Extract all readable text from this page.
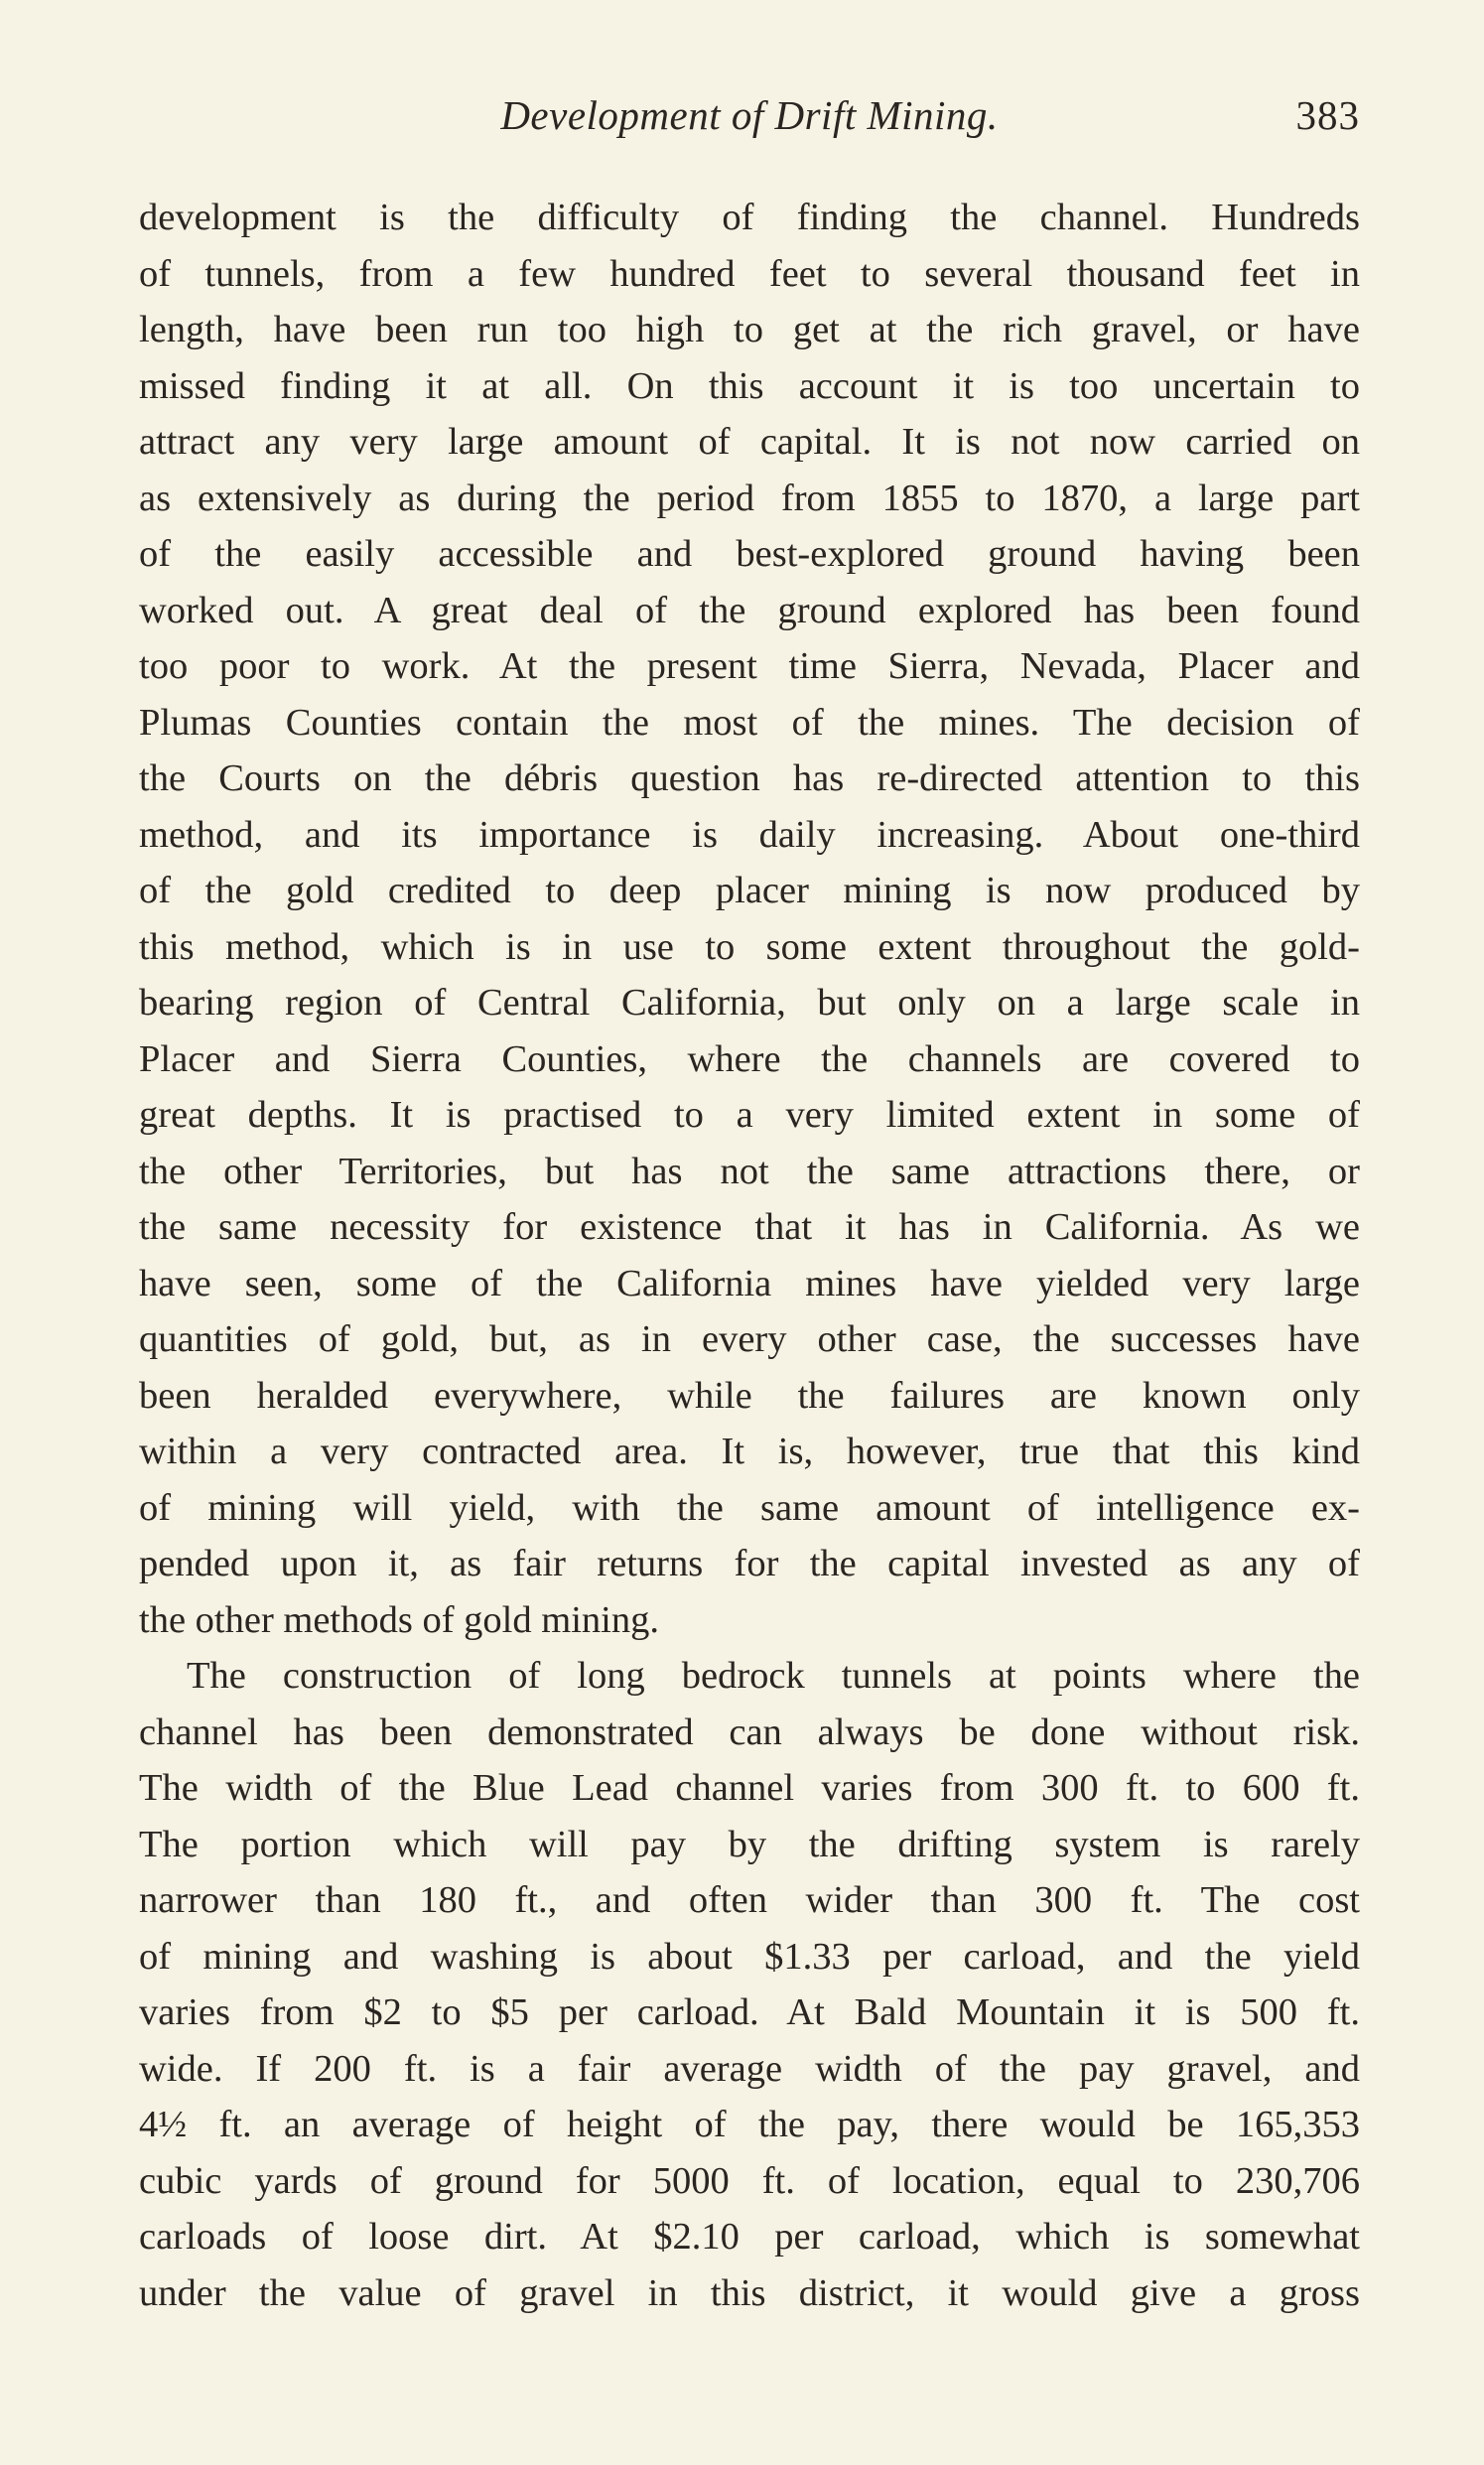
Development of Drift Mining.	383
development is the difficulty of finding the channel. Hundreds
of tunnels, from a few hundred feet to several thousand feet in
length, have been run too high to get at the rich gravel, or have
missed finding it at all. On this account it is too uncertain to
attract any very large amount of capital. It is not now carried on
as extensively as during the period from 1855 to 1870, a large part
of the easily accessible and best-explored ground having been
worked out. A great deal of the ground explored has been found
too poor to work. At the present time Sierra, Nevada, Placer and
Plumas Counties contain the most of the mines. The decision of
the Courts on the débris question has re-directed attention to this
method, and its importance is daily increasing. About one-third
of the gold credited to deep placer mining is now produced by
this method, which is in use to some extent throughout the gold-
bearing region of Central California, but only on a large scale in
Placer and Sierra Counties, where the channels are covered to
great depths. It is practised to a very limited extent in some of
the other Territories, but has not the same attractions there, or
the same necessity for existence that it has in California. As we
have seen, some of the California mines have yielded very large
quantities of gold, but, as in every other case, the successes have
been heralded everywhere, while the failures are known only
within a very contracted area. It is, however, true that this kind
of mining will yield, with the same amount of intelligence ex-
pended upon it, as fair returns for the capital invested as any of
the other methods of gold mining.
The construction of long bedrock tunnels at points where the
channel has been demonstrated can always be done without risk.
The width of the Blue Lead channel varies from 300 ft. to 600 ft.
The portion which will pay by the drifting system is rarely
narrower than 180 ft., and often wider than 300 ft. The cost
of mining and washing is about $1.33 per carload, and the yield
varies from $2 to $5 per carload. At Bald Mountain it is 500 ft.
wide. If 200 ft. is a fair average width of the pay gravel, and
4½ ft. an average of height of the pay, there would be 165,353
cubic yards of ground for 5000 ft. of location, equal to 230,706
carloads of loose dirt. At $2.10 per carload, which is somewhat
under the value of gravel in this district, it would give a gross
